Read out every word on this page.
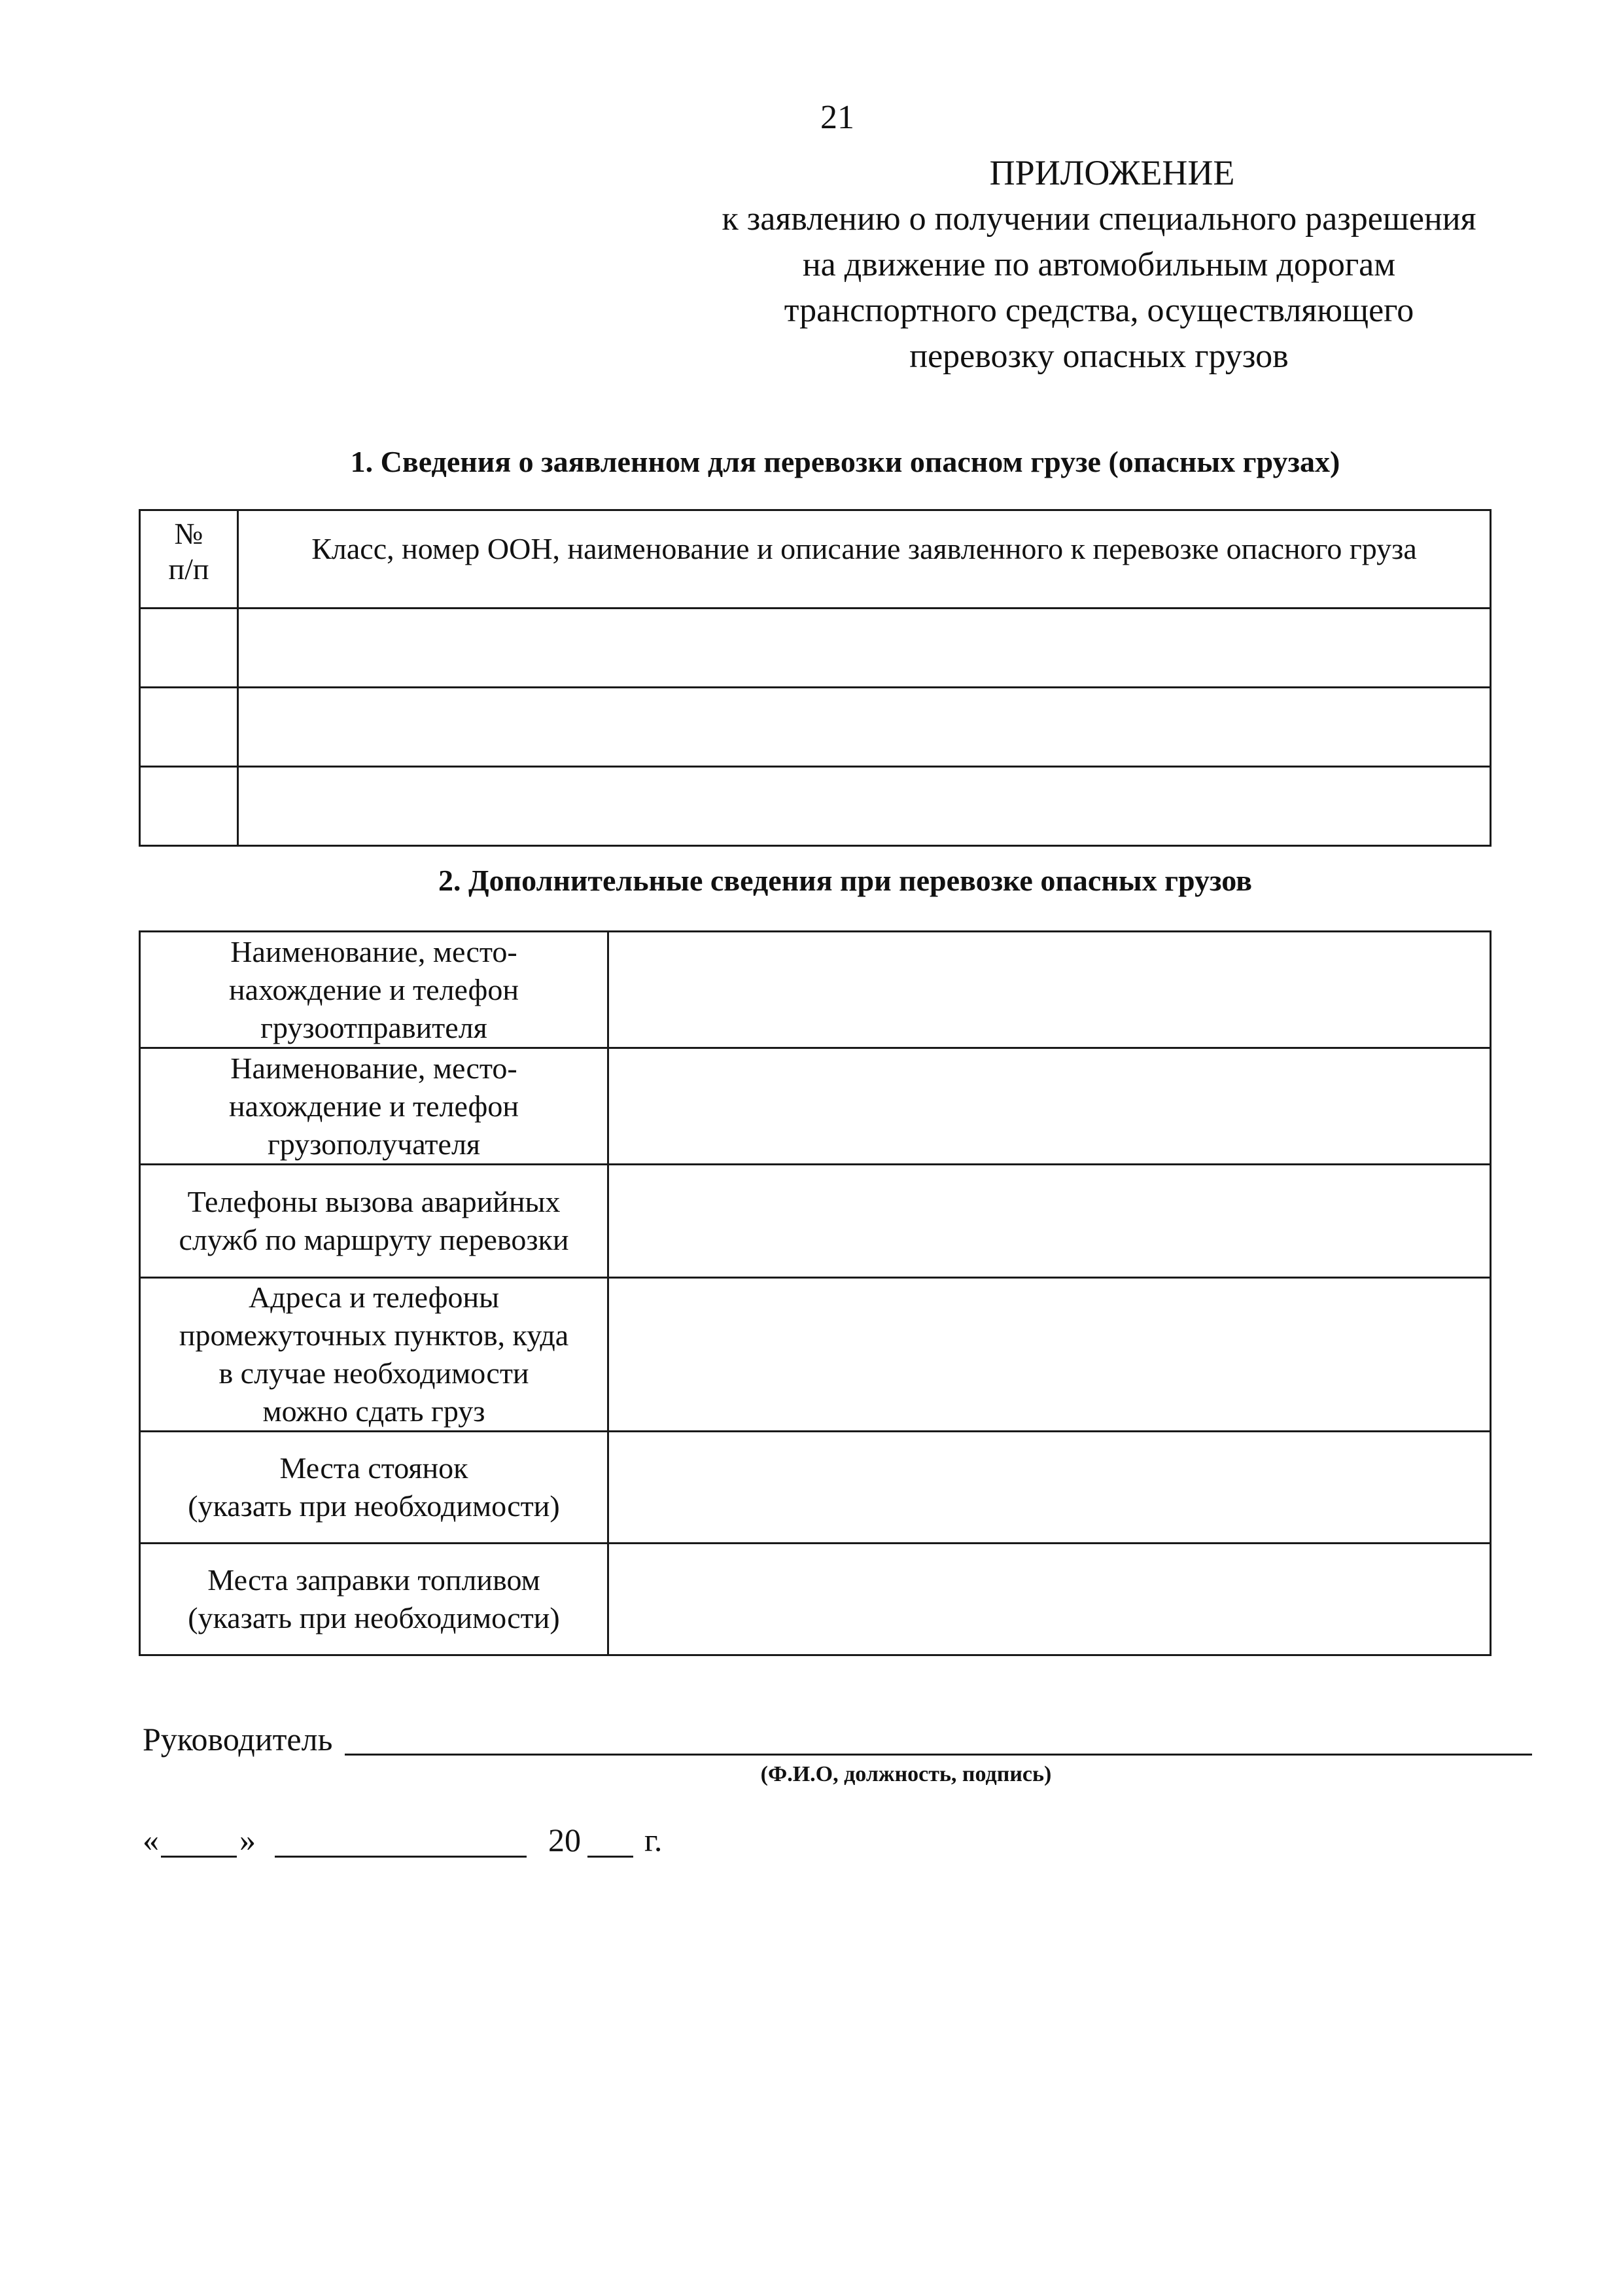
21
ПРИЛОЖЕНИЕ
к заявлению о получении специального разрешения
на движение по автомобильным дорогам
транспортного средства, осуществляющего
перевозку опасных грузов
1. Сведения о заявленном для перевозки опасном грузе (опасных грузах)
№
п/п	Класс, номер ООН, наименование и описание заявленного к перевозке опасного груза

2. Дополнительные сведения при перевозке опасных грузов
Наименование, место-
нахождение и телефон
грузоотправителя	

Наименование, место-
нахождение и телефон
грузополучателя	

Телефоны вызова аварийных
служб по маршруту перевозки	

Адреса и телефоны
промежуточных пунктов, куда
в случае необходимости
можно сдать груз	

Места стоянок
(указать при необходимости)	

Места заправки топливом
(указать при необходимости)	

Руководитель
(Ф.И.О, должность, подпись)
« »	20 г.
